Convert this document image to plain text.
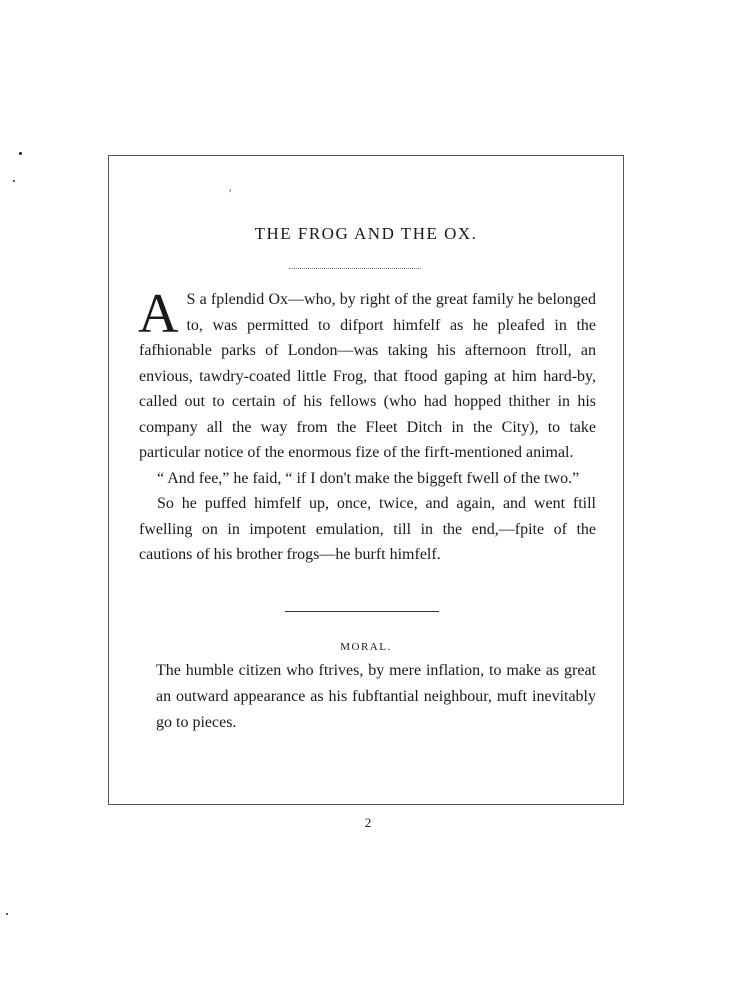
′
THE FROG AND THE OX.

A S a fplendid Ox—who, by right of the great family he belonged to, was permitted to difport himfelf as he pleafed in the fafhionable parks of London—was taking his afternoon ftroll, an envious, tawdry-coated little Frog, that ftood gaping at him hard-by, called out to certain of his fellows (who had hopped thither in his company all the way from the Fleet Ditch in the City), to take particular notice of the enormous fize of the firft-mentioned animal.

“ And fee,” he faid, “ if I don't make the biggeft fwell of the two.”

So he puffed himfelf up, once, twice, and again, and went ftill fwelling on in impotent emulation, till in the end,—fpite of the cautions of his brother frogs—he burft himfelf.

MORAL.
The humble citizen who ftrives, by mere inflation, to make as great an outward appearance as his fubftantial neighbour, muft inevitably go to pieces.
2
